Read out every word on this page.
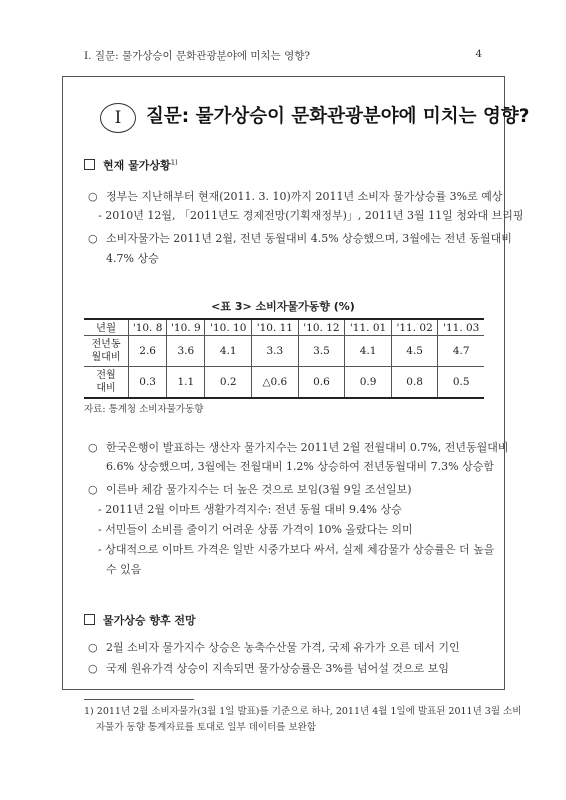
Ⅰ. 질문: 물가상승이 문화관광분야에 미치는 영향?	4
Ⅰ	질문: 물가상승이 문화관광분야에 미치는 영향?
현재 물가상황$^{1)}$
○ 정부는 지난해부터 현재(2011. 3. 10)까지 2011년 소비자 물가상승률 3%로 예상
- 2010년 12월, 「2011년도 경제전망(기획재정부)」, 2011년 3월 11일 청와대 브리핑
○ 소비자물가는 2011년 2월, 전년 동월대비 4.5% 상승했으며, 3월에는 전년 동월대비
4.7% 상승
<표 3> 소비자물가동향 (%)
년월	'10. 8	'10. 9	'10. 10	'10. 11	'10. 12	'11. 01	'11. 02	'11. 03
전년동
월대비	2.6	3.6	4.1	3.3	3.5	4.1	4.5	4.7
전월
대비	0.3	1.1	0.2	△0.6	0.6	0.9	0.8	0.5
자료: 통계청 소비자물가동향
○ 한국은행이 발표하는 생산자 물가지수는 2011년 2월 전월대비 0.7%, 전년동월대비
6.6% 상승했으며, 3월에는 전월대비 1.2% 상승하여 전년동월대비 7.3% 상승함
○ 이른바 체감 물가지수는 더 높은 것으로 보임(3월 9일 조선일보)
- 2011년 2월 이마트 생활가격지수: 전년 동월 대비 9.4% 상승
- 서민들이 소비를 줄이기 어려운 상품 가격이 10% 올랐다는 의미
- 상대적으로 이마트 가격은 일반 시중가보다 싸서, 실제 체감물가 상승률은 더 높을
수 있음
물가상승 향후 전망
○ 2월 소비자 물가지수 상승은 농축수산물 가격, 국제 유가가 오른 데서 기인
○ 국제 원유가격 상승이 지속되면 물가상승률은 3%를 넘어설 것으로 보임
1) 2011년 2월 소비자물가(3월 1일 발표)를 기준으로 하나, 2011년 4월 1일에 발표된 2011년 3월 소비
자물가 동향 통계자료를 토대로 일부 데이터를 보완함
